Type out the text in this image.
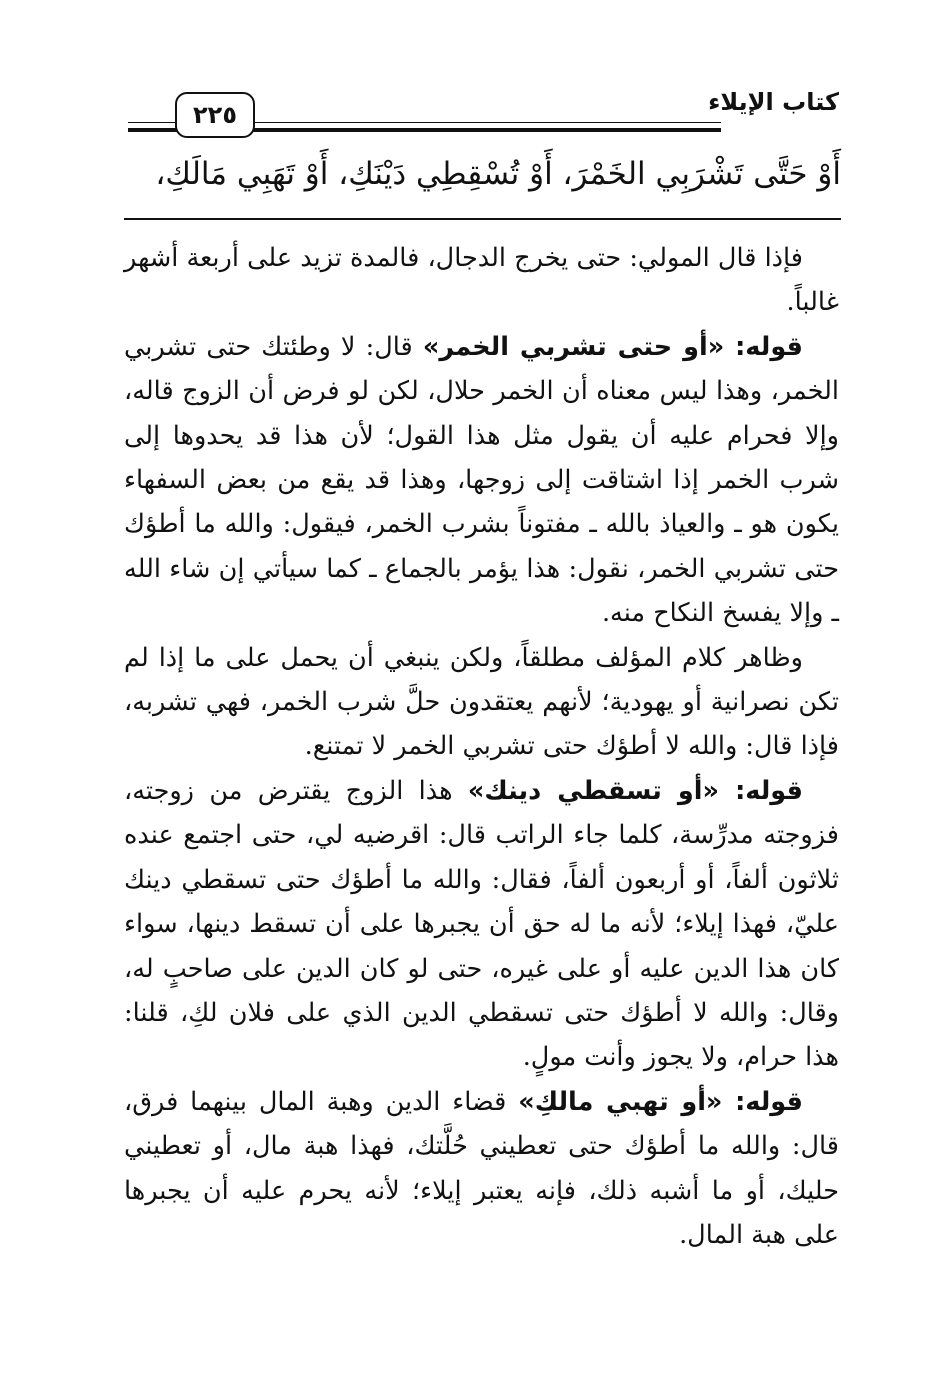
كتاب الإيلاء
٢٢٥
أَوْ حَتَّى تَشْرَبِي الخَمْرَ، أَوْ تُسْقِطِي دَيْنَكِ، أَوْ تَهَبِي مَالَكِ،

فإذا قال المولي: حتى يخرج الدجال، فالمدة تزيد على أربعة أشهر غالباً.

قوله: «أو حتى تشربي الخمر» قال: لا وطئتك حتى تشربي الخمر، وهذا ليس معناه أن الخمر حلال، لكن لو فرض أن الزوج قاله، وإلا فحرام عليه أن يقول مثل هذا القول؛ لأن هذا قد يحدوها إلى شرب الخمر إذا اشتاقت إلى زوجها، وهذا قد يقع من بعض السفهاء يكون هو ـ والعياذ بالله ـ مفتوناً بشرب الخمر، فيقول: والله ما أطؤك حتى تشربي الخمر، نقول: هذا يؤمر بالجماع ـ كما سيأتي إن شاء الله ـ وإلا يفسخ النكاح منه.

وظاهر كلام المؤلف مطلقاً، ولكن ينبغي أن يحمل على ما إذا لم تكن نصرانية أو يهودية؛ لأنهم يعتقدون حلَّ شرب الخمر، فهي تشربه، فإذا قال: والله لا أطؤك حتى تشربي الخمر لا تمتنع.

قوله: «أو تسقطي دينك» هذا الزوج يقترض من زوجته، فزوجته مدرِّسة، كلما جاء الراتب قال: اقرضيه لي، حتى اجتمع عنده ثلاثون ألفاً، أو أربعون ألفاً، فقال: والله ما أطؤك حتى تسقطي دينك عليّ، فهذا إيلاء؛ لأنه ما له حق أن يجبرها على أن تسقط دينها، سواء كان هذا الدين عليه أو على غيره، حتى لو كان الدين على صاحبٍ له، وقال: والله لا أطؤك حتى تسقطي الدين الذي على فلان لكِ، قلنا: هذا حرام، ولا يجوز وأنت مولٍ.

قوله: «أو تهبي مالكِ» قضاء الدين وهبة المال بينهما فرق، قال: والله ما أطؤك حتى تعطيني حُلَّتك، فهذا هبة مال، أو تعطيني حليك، أو ما أشبه ذلك، فإنه يعتبر إيلاء؛ لأنه يحرم عليه أن يجبرها على هبة المال.
